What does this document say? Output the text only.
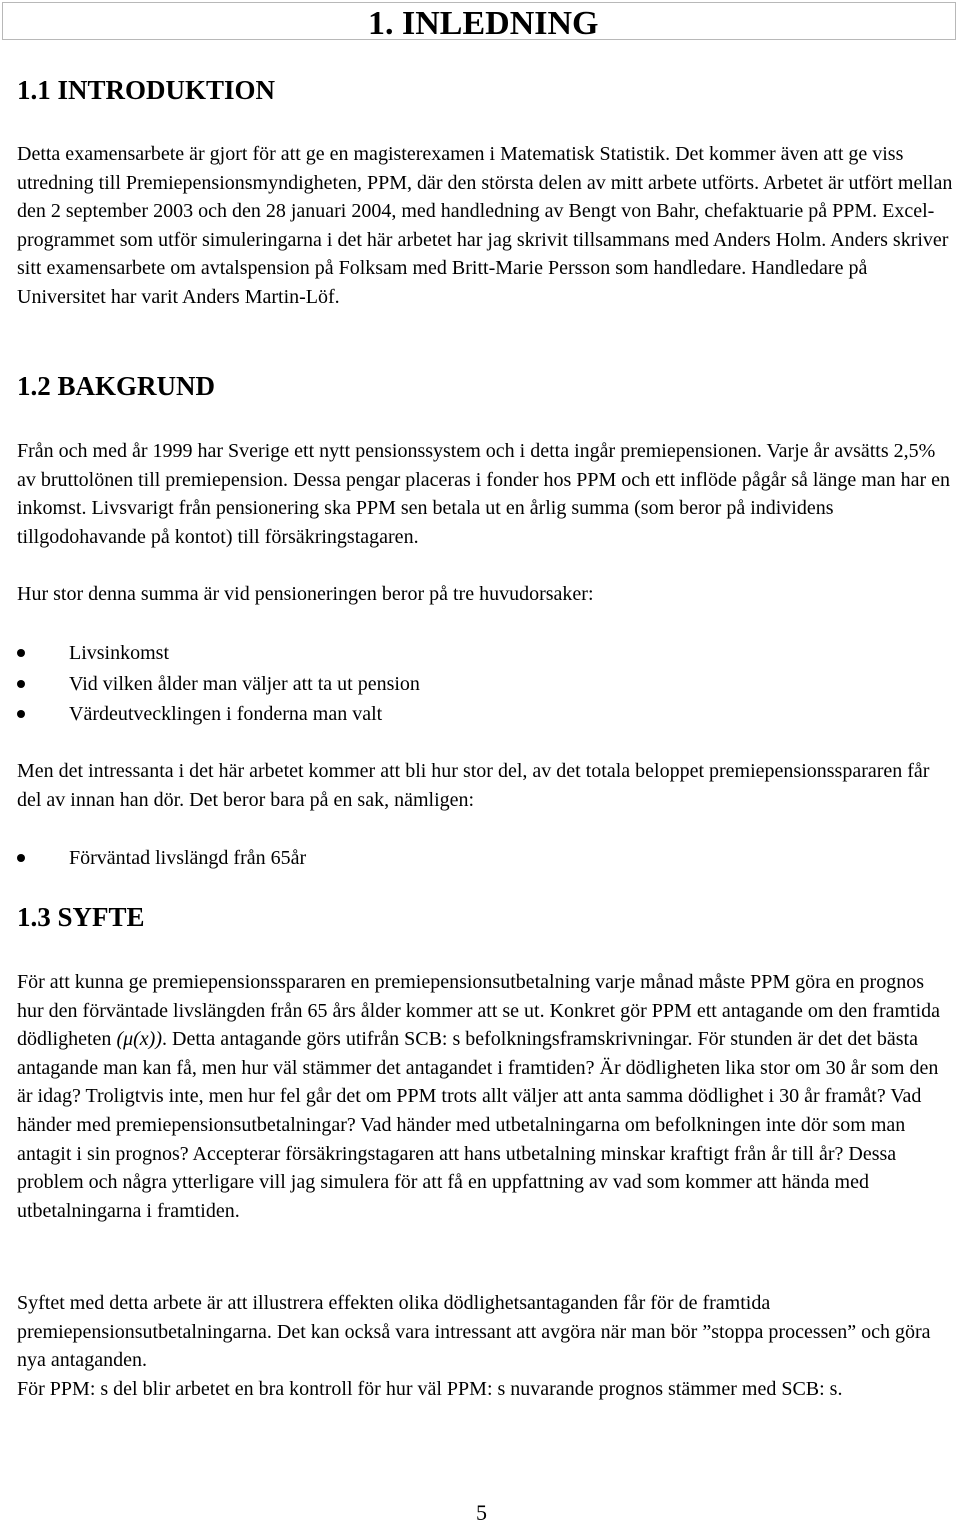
1. INLEDNING
1.1 INTRODUKTION

Detta examensarbete är gjort för att ge en magisterexamen i Matematisk Statistik. Det kommer även att ge viss utredning till Premiepensionsmyndigheten, PPM, där den största delen av mitt arbete utförts. Arbetet är utfört mellan den 2 september 2003 och den 28 januari 2004, med handledning av Bengt von Bahr, chefaktuarie på PPM. Excel-programmet som utför simuleringarna i det här arbetet har jag skrivit tillsammans med Anders Holm. Anders skriver sitt examensarbete om avtalspension på Folksam med Britt-Marie Persson som handledare. Handledare på Universitet har varit Anders Martin-Löf.

1.2 BAKGRUND

Från och med år 1999 har Sverige ett nytt pensionssystem och i detta ingår premiepensionen. Varje år avsätts 2,5% av bruttolönen till premiepension. Dessa pengar placeras i fonder hos PPM och ett inflöde pågår så länge man har en inkomst. Livsvarigt från pensionering ska PPM sen betala ut en årlig summa (som beror på individens tillgodohavande på kontot) till försäkringstagaren.

Hur stor denna summa är vid pensioneringen beror på tre huvudorsaker:

Livsinkomst
Vid vilken ålder man väljer att ta ut pension
Värdeutvecklingen i fonderna man valt

Men det intressanta i det här arbetet kommer att bli hur stor del, av det totala beloppet premiepensionsspararen får del av innan han dör. Det beror bara på en sak, nämligen:

Förväntad livslängd från 65år
1.3 SYFTE

För att kunna ge premiepensionsspararen en premiepensionsutbetalning varje månad måste PPM göra en prognos hur den förväntade livslängden från 65 års ålder kommer att se ut. Konkret gör PPM ett antagande om den framtida dödligheten (μ(x)). Detta antagande görs utifrån SCB: s befolkningsframskrivningar. För stunden är det det bästa antagande man kan få, men hur väl stämmer det antagandet i framtiden? Är dödligheten lika stor om 30 år som den är idag? Troligtvis inte, men hur fel går det om PPM trots allt väljer att anta samma dödlighet i 30 år framåt? Vad händer med premiepensionsutbetalningar? Vad händer med utbetalningarna om befolkningen inte dör som man antagit i sin prognos? Accepterar försäkringstagaren att hans utbetalning minskar kraftigt från år till år? Dessa problem och några ytterligare vill jag simulera för att få en uppfattning av vad som kommer att hända med utbetalningarna i framtiden.

Syftet med detta arbete är att illustrera effekten olika dödlighetsantaganden får för de framtida premiepensionsutbetalningarna. Det kan också vara intressant att avgöra när man bör ”stoppa processen” och göra nya antaganden.

För PPM: s del blir arbetet en bra kontroll för hur väl PPM: s nuvarande prognos stämmer med SCB: s.

5
